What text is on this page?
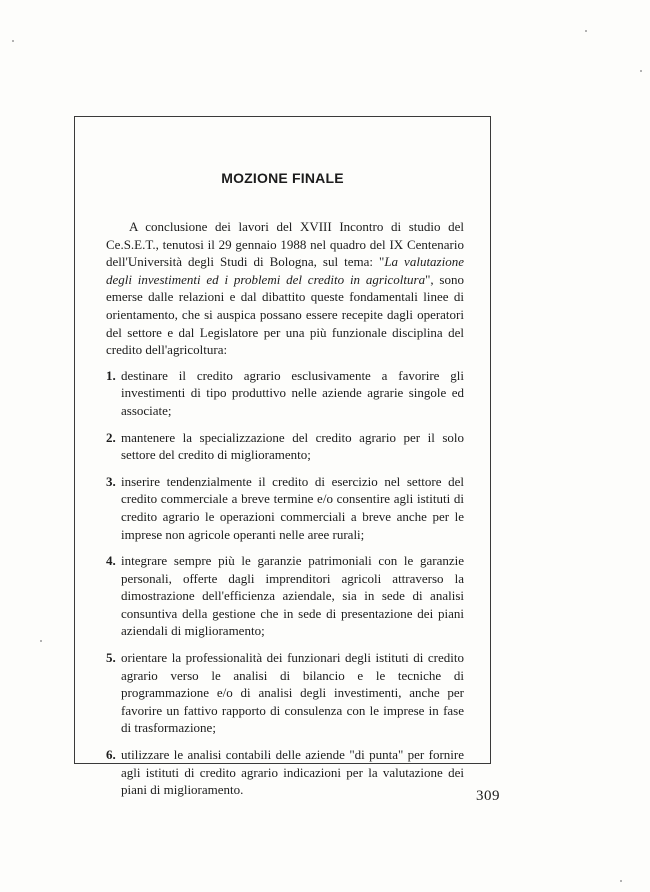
MOZIONE FINALE

A conclusione dei lavori del XVIII Incontro di studio del Ce.S.E.T., tenutosi il 29 gennaio 1988 nel quadro del IX Centenario dell'Università degli Studi di Bologna, sul tema: "La valutazione degli investimenti ed i problemi del credito in agricoltura", sono emerse dalle relazioni e dal dibattito queste fondamentali linee di orientamento, che si auspica possano essere recepite dagli operatori del settore e dal Legislatore per una più funzionale disciplina del credito dell'agricoltura:

1. destinare il credito agrario esclusivamente a favorire gli investimenti di tipo produttivo nelle aziende agrarie singole ed associate;
2. mantenere la specializzazione del credito agrario per il solo settore del credito di miglioramento;
3. inserire tendenzialmente il credito di esercizio nel settore del credito commerciale a breve termine e/o consentire agli istituti di credito agrario le operazioni commerciali a breve anche per le imprese non agricole operanti nelle aree rurali;
4. integrare sempre più le garanzie patrimoniali con le garanzie personali, offerte dagli imprenditori agricoli attraverso la dimostrazione dell'efficienza aziendale, sia in sede di analisi consuntiva della gestione che in sede di presentazione dei piani aziendali di miglioramento;
5. orientare la professionalità dei funzionari degli istituti di credito agrario verso le analisi di bilancio e le tecniche di programmazione e/o di analisi degli investimenti, anche per favorire un fattivo rapporto di consulenza con le imprese in fase di trasformazione;
6. utilizzare le analisi contabili delle aziende "di punta" per fornire agli istituti di credito agrario indicazioni per la valutazione dei piani di miglioramento.	309
